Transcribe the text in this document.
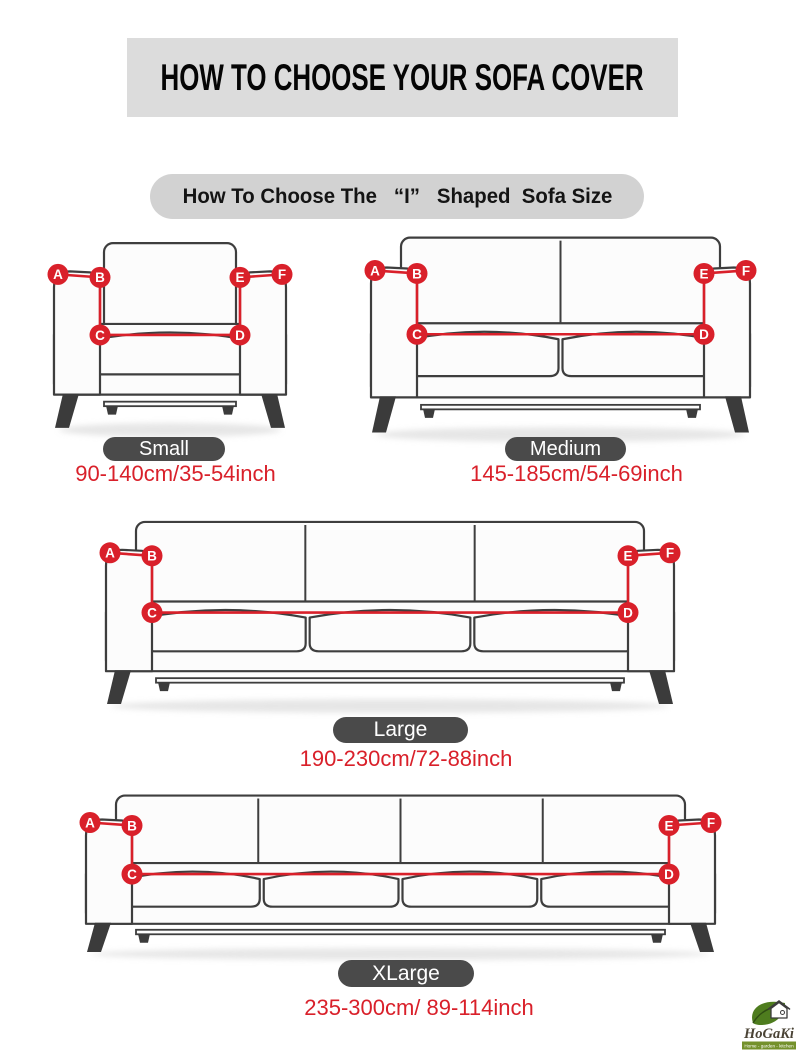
HOW TO CHOOSE YOUR SOFA COVER
How To Choose The   “I”   Shaped  Sofa Size
A B
C	D
E F	A B
C	D
E F
A B
C	D
E F
A B
C	D
E F
Small
90-140cm/35-54inch
Medium
145-185cm/54-69inch
Large
190-230cm/72-88inch
XLarge
235-300cm/ 89-114inch
HoGaKi
Home - garden - kitchen
